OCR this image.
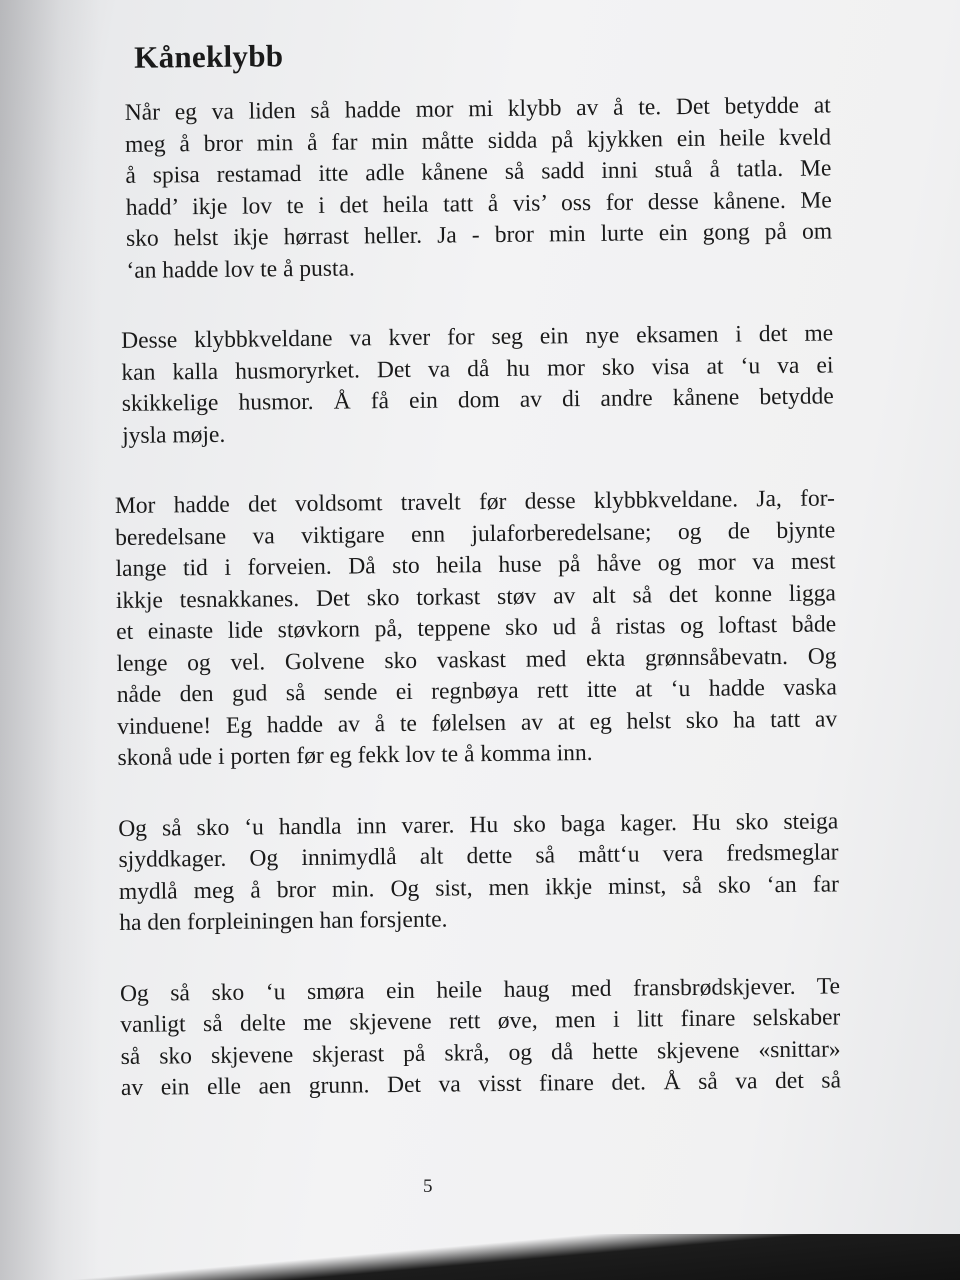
Kåneklybb
Når eg va liden så hadde mor mi klybb av å te. Det betydde at
meg å bror min å far min måtte sidda på kjykken ein heile kveld
å spisa restamad itte adle kånene så sadd inni stuå å tatla. Me
hadd’ ikje lov te i det heila tatt å vis’ oss for desse kånene. Me
sko helst ikje hørrast heller. Ja - bror min lurte ein gong på om
‘an hadde lov te å pusta.
Desse klybbkveldane va kver for seg ein nye eksamen i det me
kan kalla husmoryrket. Det va då hu mor sko visa at ‘u va ei
skikkelige husmor. Å få ein dom av di andre kånene betydde
jysla møje.
Mor hadde det voldsomt travelt før desse klybbkveldane. Ja, for-
beredelsane va viktigare enn julaforberedelsane; og de bjynte
lange tid i forveien. Då sto heila huse på håve og mor va mest
ikkje tesnakkanes. Det sko torkast støv av alt så det konne ligga
et einaste lide støvkorn på, teppene sko ud å ristas og loftast både
lenge og vel. Golvene sko vaskast med ekta grønnsåbevatn. Og
nåde den gud så sende ei regnbøya rett itte at ‘u hadde vaska
vinduene! Eg hadde av å te følelsen av at eg helst sko ha tatt av
skonå ude i porten før eg fekk lov te å komma inn.
Og så sko ‘u handla inn varer. Hu sko baga kager. Hu sko steiga
sjyddkager. Og innimydlå alt dette så mått‘u vera fredsmeglar
mydlå meg å bror min. Og sist, men ikkje minst, så sko ‘an far
ha den forpleiningen han forsjente.
Og så sko ‘u smøra ein heile haug med fransbrødskjever. Te
vanligt så delte me skjevene rett øve, men i litt finare selskaber
så sko skjevene skjerast på skrå, og då hette skjevene «snittar»
av ein elle aen grunn. Det va visst finare det. Å så va det så
5
